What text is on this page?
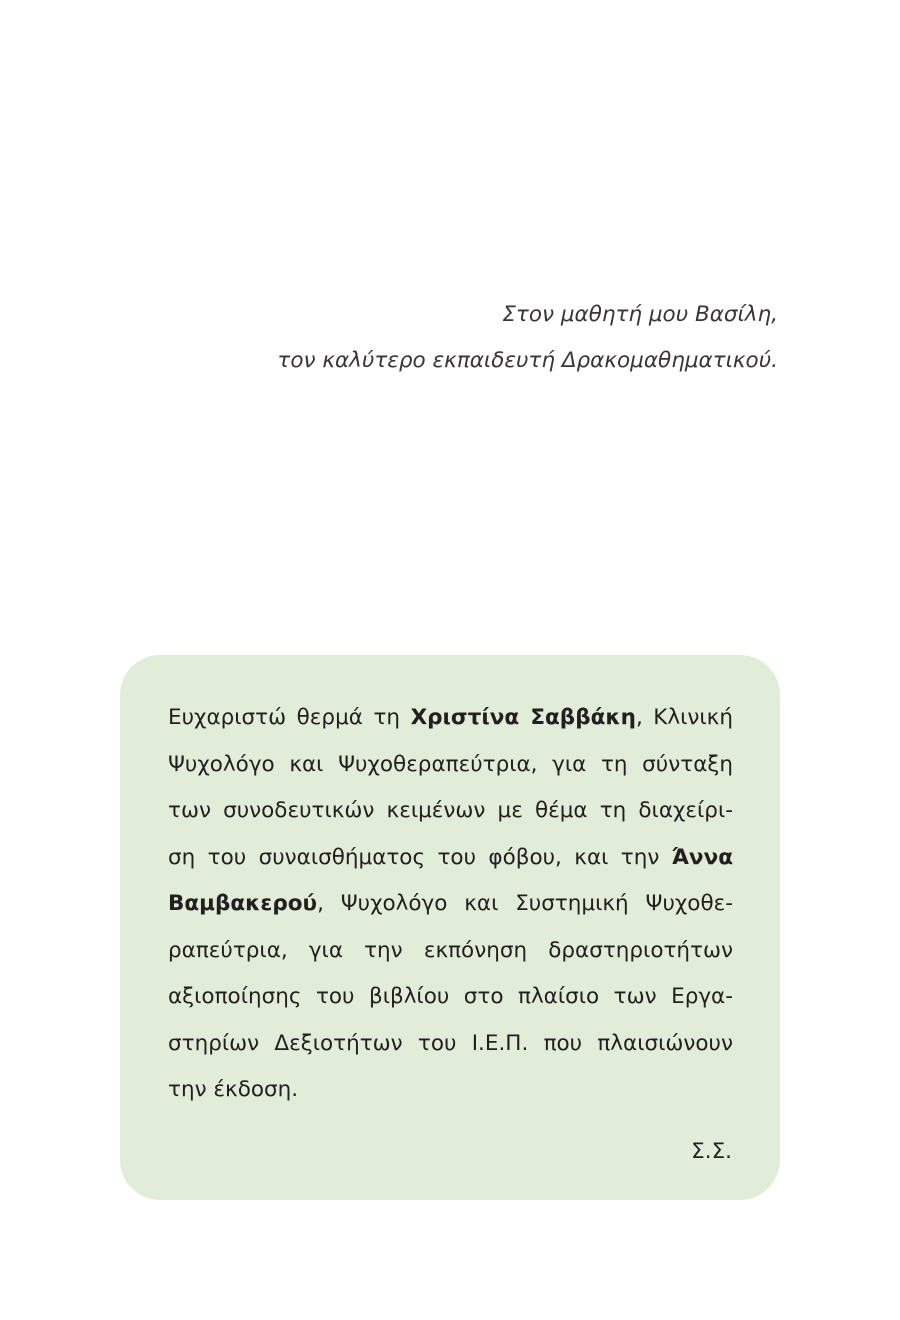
Στον μαθητή μου Βασίλη,
τον καλύτερο εκπαιδευτή Δρακομαθηματικού.
Ευχαριστώ θερμά τη Χριστίνα Σαββάκη, Κλινική
Ψυχολόγο και Ψυχοθεραπεύτρια, για τη σύνταξη
των συνοδευτικών κειμένων με θέμα τη διαχείρι-
ση του συναισθήματος του φόβου, και την Άννα
Βαμβακερού, Ψυχολόγο και Συστημική Ψυχοθε-
ραπεύτρια, για την εκπόνηση δραστηριοτήτων
αξιοποίησης του βιβλίου στο πλαίσιο των Εργα-
στηρίων Δεξιοτήτων του Ι.Ε.Π. που πλαισιώνουν
την έκδοση.
Σ.Σ.
